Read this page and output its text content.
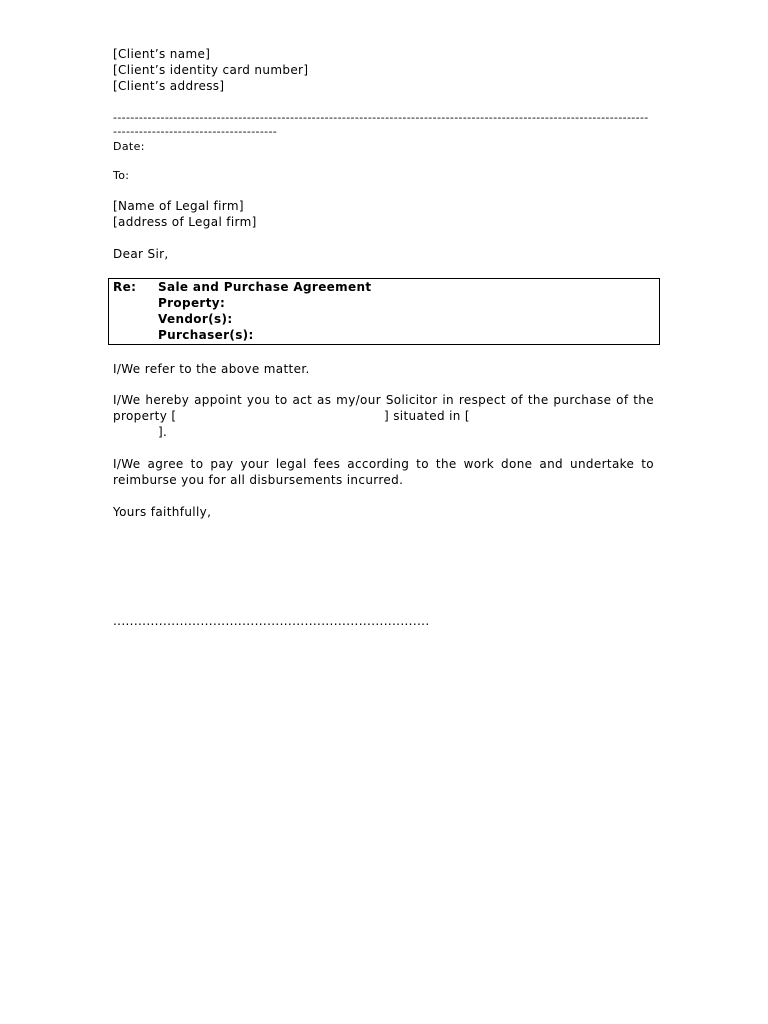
[Client’s name]
[Client’s identity card number]
[Client’s address]
----------------------------------------------------------------------------------------------------------------------------
--------------------------------------
Date:
To:
[Name of Legal firm]
[address of Legal firm]
Dear Sir,
Re:	Sale and Purchase Agreement
Property:
Vendor(s):
Purchaser(s):
I/We refer to the above matter.
I/We hereby appoint you to act as my/our Solicitor in respect of the purchase of the
property [	] situated in [
].
I/We agree to pay your legal fees according to the work done and undertake to
reimburse you for all disbursements incurred.
Yours faithfully,
............................................................................
